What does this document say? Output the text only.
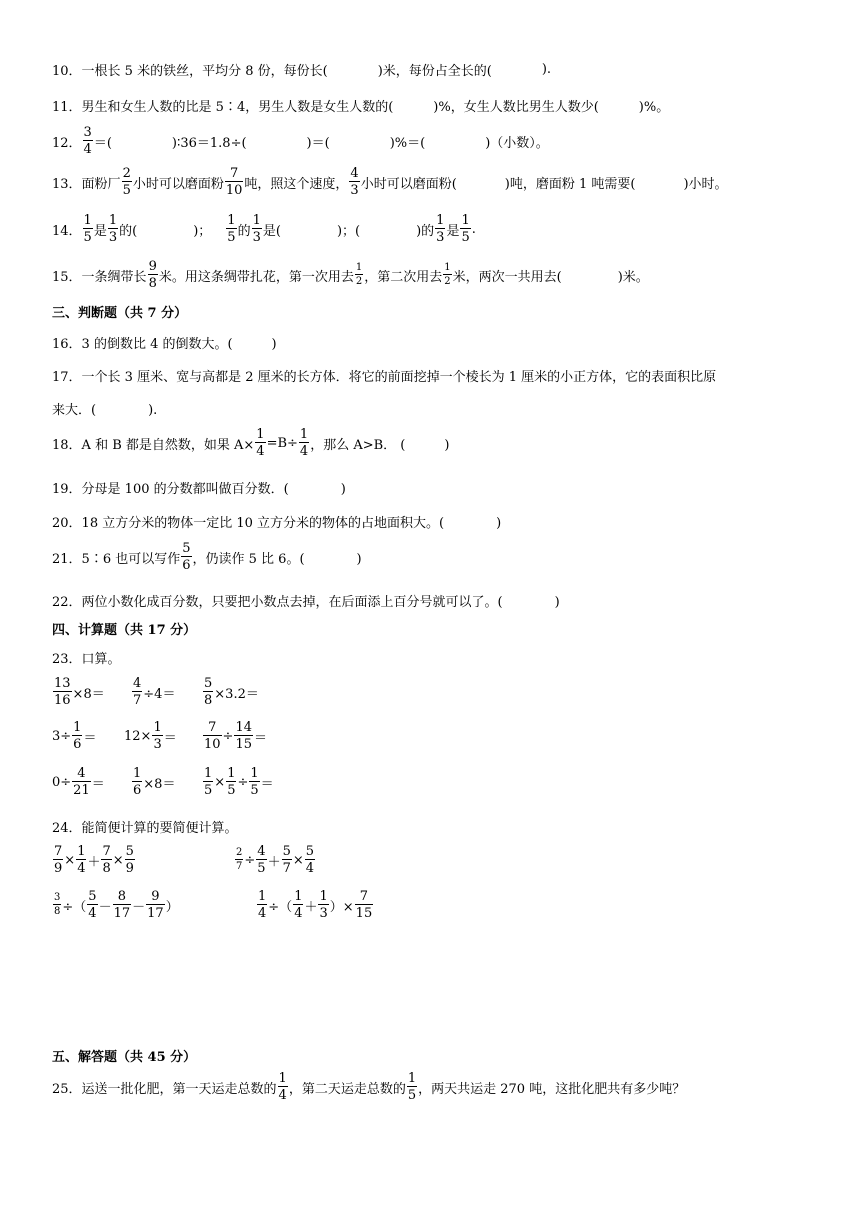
10． 一根长 5 米的铁丝，平均分 8 份，每份长(	)米，每份占全长的(	).
11． 男生和女生人数的比是 5∶4，男生人数是女生人数的(	)%，女生人数比男生人数少(	)%。
12．
3
4 ＝(	)∶36＝1.8÷(	)＝(	)%＝(	)（小数）。
13． 面粉厂
2
5 小时可以磨面粉
7
10 吨，照这个速度，
4
3 小时可以磨面粉(	)吨，磨面粉 1 吨需要(	)小时。
14．
1
5 是
1
3 的(	)；
1
5 的
1
3 是(	)；(	)的
1
3 是
1
5
.
15． 一条绸带长
9
8 米。用这条绸带扎花，第一次用去
1
2 ，第二次用去
1
2 米，两次一共用去(	)米。
三、判断题（共 7 分）
16．3 的倒数比 4 的倒数大。(　　　)
17．一个长 3 厘米、宽与高都是 2 厘米的长方体．将它的前面挖掉一个棱长为 1 厘米的小正方体，它的表面积比原
来大．(　　　　).
18．A 和 B 都是自然数，如果 $A\times \frac{1}{4} =B\div \frac{1}{4}$ ，那么 A>B． (　　　)
19．分母是 100 的分数都叫做百分数．(　　　　)
20．18 立方分米的物体一定比 10 立方分米的物体的占地面积大。(　　　　)
21．5∶6 也可以写作
5
6 ，仍读作 5 比 6。(　　　　)
22．两位小数化成百分数，只要把小数点去掉，在后面添上百分号就可以了。(　　　　)
四、计算题（共 17 分）
23．口算。
$\frac{13}{16} \times 8= \frac{4}{7} \div 4= \frac{5}{8} \times 3.2=$
$3\div \frac{1}{6} = 12\times \frac{1}{3} = \frac{7}{10} \div \frac{14}{15}$ ＝
$0\div \frac{4}{21} = \frac{1}{6} \times 8= \frac{1}{5} \times \frac{1}{5} \div \frac{1}{5}$ ＝
24．能简便计算的要简便计算。
$\frac{7}{9} \times \frac{1}{4} + \frac{7}{8} \times \frac{5}{9}$	$\frac{2}{7} \div \frac{4}{5} + \frac{5}{7} \times \frac{5}{4}$
$\frac{3}{8}$ ÷（
5
4 －
8
17 －
9
17 ）	$\frac{1}{4}$ ÷（
1
4 ＋
1
3 ）× $\frac{7}{15}$
五、解答题（共 45 分）
25．运送一批化肥，第一天运走总数的
1
4 ，第二天运走总数的
1
5 ，两天共运走 270 吨，这批化肥共有多少吨？
